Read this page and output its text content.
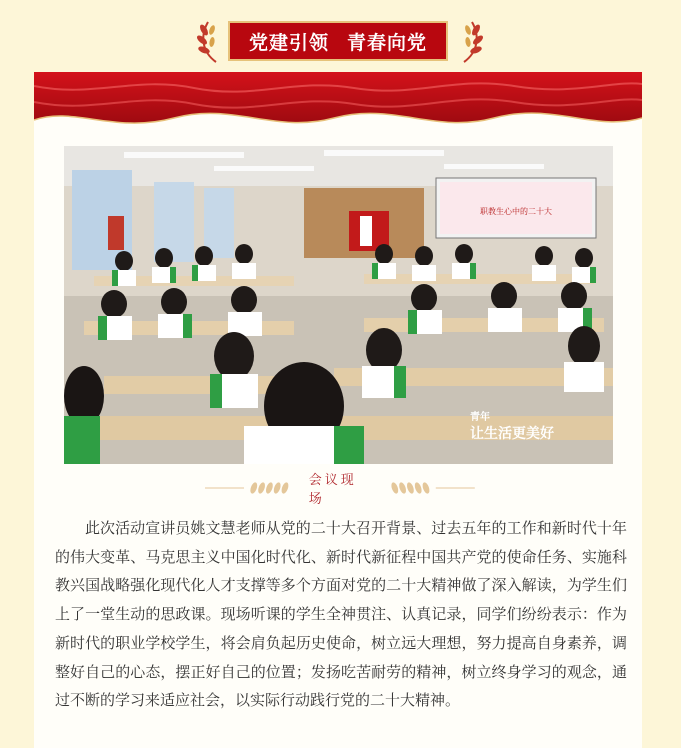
党建引领 青春向党
职教生心中的二十大
青年
让生活更美好
会议现场
此次活动宣讲员姚文慧老师从党的二十大召开背景、过去五年的工作和新时代十年的伟大变革、马克思主义中国化时代化、新时代新征程中国共产党的使命任务、实施科教兴国战略强化现代化人才支撑等多个方面对党的二十大精神做了深入解读，为学生们上了一堂生动的思政课。现场听课的学生全神贯注、认真记录，同学们纷纷表示：作为新时代的职业学校学生，将会肩负起历史使命，树立远大理想，努力提高自身素养，调整好自己的心态，摆正好自己的位置；发扬吃苦耐劳的精神，树立终身学习的观念，通过不断的学习来适应社会，以实际行动践行党的二十大精神。
